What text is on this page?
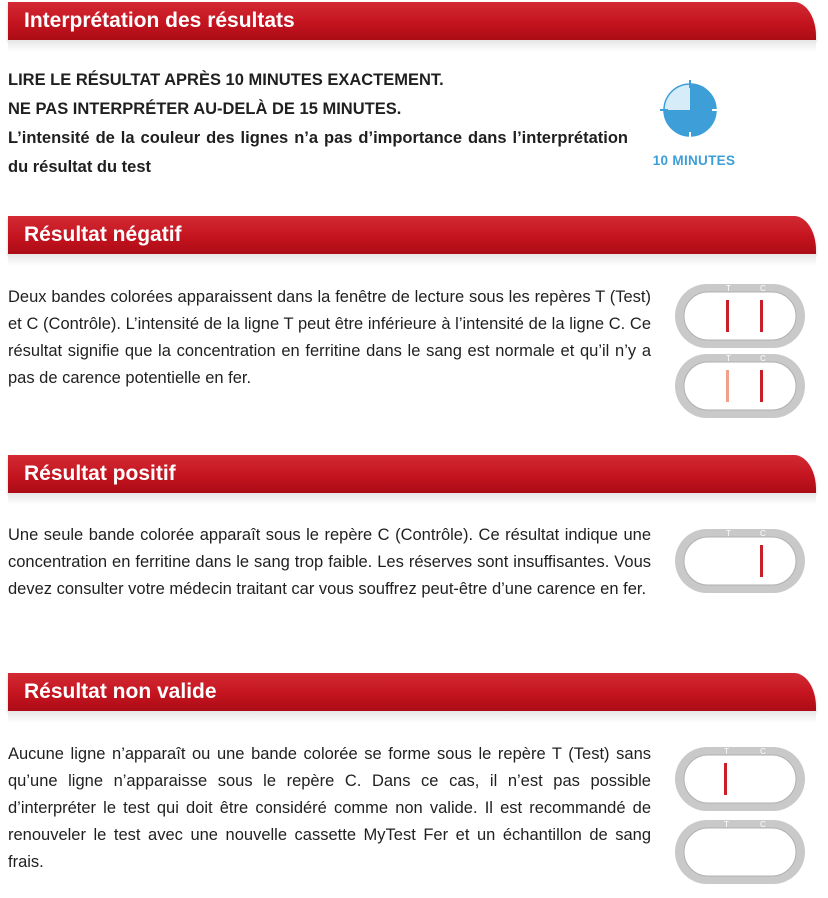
Interprétation des résultats
Résultat négatif
Résultat positif
Résultat non valide
LIRE LE RÉSULTAT APRÈS 10 MINUTES EXACTEMENT.
NE PAS INTERPRÉTER AU-DELÀ DE 15 MINUTES.
L’intensité de la couleur des lignes n’a pas d’importance dans l’interprétation du résultat du test	10 MINUTES
Deux bandes colorées apparaissent dans la fenêtre de lecture sous les repères T (Test) et C (Contrôle). L’intensité de la ligne T peut être inférieure à l’intensité de la ligne C. Ce résultat signifie que la concentration en ferritine dans le sang est normale et qu’il n’y a pas de carence potentielle en fer.
Une seule bande colorée apparaît sous le repère C (Contrôle). Ce résultat indique une concentration en ferritine dans le sang trop faible. Les réserves sont insuffisantes. Vous devez consulter votre médecin traitant car vous souffrez peut-être d’une carence en fer.
Aucune ligne n’apparaît ou une bande colorée se forme sous le repère T (Test) sans qu’une ligne n’apparaisse sous le repère C. Dans ce cas, il n’est pas possible d’interpréter le test qui doit être considéré comme non valide. Il est recommandé de renouveler le test avec une nouvelle cassette MyTest Fer et un échantillon de sang frais.
T	C
T	C
T	C
T	C
T	C
